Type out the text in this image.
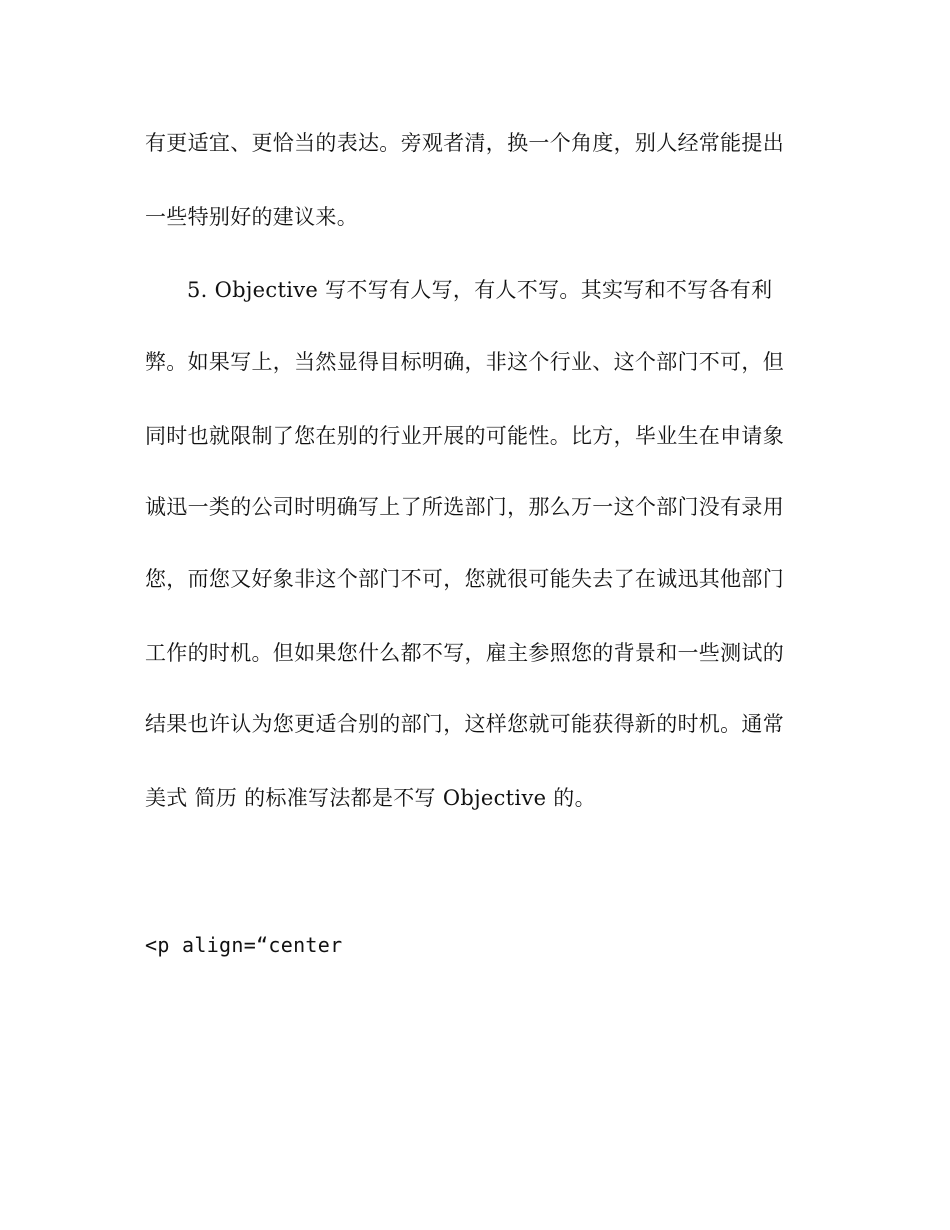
有更适宜、更恰当的表达。旁观者清，换一个角度，别人经常能提出
一些特别好的建议来。
5. Objective 写不写有人写，有人不写。其实写和不写各有利
弊。如果写上，当然显得目标明确，非这个行业、这个部门不可，但
同时也就限制了您在别的行业开展的可能性。比方，毕业生在申请象
诚迅一类的公司时明确写上了所选部门，那么万一这个部门没有录用
您，而您又好象非这个部门不可，您就很可能失去了在诚迅其他部门
工作的时机。但如果您什么都不写，雇主参照您的背景和一些测试的
结果也许认为您更适合别的部门，这样您就可能获得新的时机。通常
美式 简历 的标准写法都是不写 Objective 的。
<p align=“center
